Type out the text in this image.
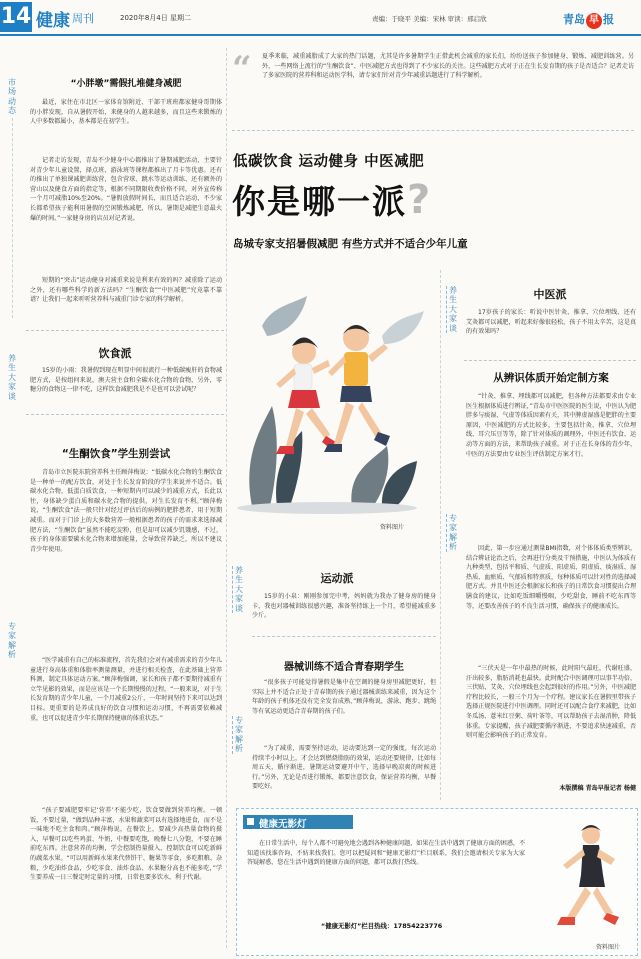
14 健康 周刊	2020年8月4日 星期二	责编：于晓平 美编：宋林 审读：邢启欣	青岛 早 报
市场动态
“小胖墩”需假扎堆健身减肥
最近，家住在市北区一家体育馆附近、干部干班班都家健身哥期体的小胖发现，自从暑假开始，来健身的人越来越多，而且这些来锻炼的人中多数都属小，基本都是在初学生。
记者走访发现，青岛不少健身中心都推出了暑期减肥活动，主要针对青少年儿童设置，择点班、游泳班等课程都推出了月卡等优惠。还有的推出了单独课减肥训练营，包含营球、跳水等运动训练、还有额外的营山以及健食方面的指定等，根据不同期限收费价格不同，对外宣传称一个月可减脂10%至20%。“暑假放假时间长，而且适合运动，不少家长都希望孩子能利用暑假的空闲锻炼减肥，所以，暑期是减肥生意最火爆的时间。”一家健身房的店员对记者说。
短期的“突击”运动健身对减重来说是利来有效的吗？减重除了运动之外，还有哪些科学的新方法吗？“生酮饮食”“中医减肥”究竟靠不靠谱？让我们一起来听听营养科与减重门诊专家的科学解析。
养生大家谈
饮食派
15岁的小雨：我暑假到现在明显中间很流行一种低碳瘦肝的食物减肥方式，是按组何来说，澳夫营主食和全碳水化合物的食物，另外，零糖分的食物这一律不吃，这样饮食减肥我是不是也可以尝试呢？
“生酮饮食”学生别尝试
专家解析
青岛市立医院东院营养科主任顾萍梅说：“低碳水化合物的生酮饮食是一种单一的配方饮食，对处于生长发育阶段的学生来说并不适合。低碳水化合物，低蛋白质饮食，一种短期内可以减少的减重方式，长此以往，身体缺少蛋白质和碳水化合物的提供，对生长发育不利。”顾萍梅说，“生酮饮食”法一般只针对经过评估后的病例的肥胖患者，用于短期减重。而对于门诊上的大多数营养一般根据患者的孩子的需求来选择减肥方法，“生酮饮食”虽然不能吃淀粉，但是却可以减少饥饿感，不过，孩子的身体需要碳水化合物来增加能量，会导致营养缺乏，所以不建议青少年使用。
“医学减重有自己的标准流程，首先我们会对有减重需求的青少年儿童进行身高体重和体脂率测量测量，并进行相关检查，在此基础上营养科测，制定具体运动方案。”顾萍梅强调，家长和孩子都不要期待减重有立竿见影的效果，而是应该是一个长期慢慢的过程，“一般来说，对于生长发育期的青少年儿童，一个月减重2公斤，一年时间坚持下来可以达到目标。更重要的是养成良好的饮食习惯和运动习惯，不再需要依赖减重，也可以促进青少年长期保持健康的体重状态。”
“孩子要减肥要牢记‘营养’不能少吃，饮食要做到营养均衡。一顿饭，不要过量，“做到品种丰富，水果和蔬菜可以有选择地进食，而不是一味地不吃主食和肉。”顾萍梅说，在餐饮上，要减少高热量食物的摄入，早餐可以吃些鸡蛋、牛奶，中餐要吃饱，晚餐七八分饱，不要在睡前吃东西。注意营养的均衡，学会控制热量摄入，控制饮食可以吃新鲜的蔬菜水果。“可以用新鲜水果来代替饼干、糖果等零食，多吃粗粮、杂粮，少吃油炸食品，少吃零食、油炸食品、水果糖分高也不能多吃，”学生要养成一日三餐定时定量的习惯，日常也要多饮水，利于代谢。
“ 夏季来临，减重减脂成了大家的热门话题，尤其是许多暑期学生正借此机会减重的家长们，纷纷送孩子参加健身、锻炼、减肥训练营。另外，一些网络上流行的“生酮饮食”、中医减肥方式也得到了不少家长的关注。这些减肥方式对于正在生长发育期的孩子是否适合？记者走访了多家医院的营养科和运动医学科，请专家们针对青少年减重话题进行了科学解析。
低碳饮食 运动健身 中医减肥
你是哪一派?
岛城专家支招暑假减肥 有些方式并不适合少年儿童
资料图片
养生大家谈
运动派
15岁的小泉：刚刚参加完中考，妈妈就为我办了健身房的健身卡，我也对器械训练很感兴趣，准备坚持练上一个月，希望能减重多少斤。
专家解析
器械训练不适合青春期学生
“很多孩子可能觉得暑假是集中在空调的健身房里减肥更好，但实际上并不适合正处于青春期的孩子通过器械训练来减重，因为这个年龄的孩子机体还没有完全发育成熟，”顾萍梅说，游泳、跑步、跳绳等有氧运动更适合青春期的孩子们。
“为了减重，需要坚持运动，运动要达到一定的强度，每次运动持续半小时以上，才会达到燃烧脂肪的效果，运动还要规律，比如每周五天，循序渐进，暑期运动要避开中午，选择早晚凉爽的时候进行。”另外，无论是否进行锻炼，都要注意饮食，保证营养均衡，早餐要吃好。
养生大家谈
中医派
17岁孩子的家长：听说中医针灸、推拿、穴位埋线、还有艾灸都可以减肥，听起来好像很轻松，孩子不用太辛苦，这是真的有效果吗？
从辨识体质开始定制方案
专家解析
“针灸、推拿、埋线都可以减肥，但各种方法都要求由专业医生根据体质进行辨证，”青岛市中医医院的医生说，中医认为肥胖多与痰湿、气虚等体质因素有关，其中脾虚湿盛是肥胖的主要原因，中医减肥的方式比较多，主要包括针灸、推拿、穴位埋线、耳穴压豆等等，除了针对体质的调理外，中医还有饮食、运动等方面的方法，来帮助孩子减重。对于正在长身体的青少年，中医的方法要由专业医生评估制定方案才行。
因此，第一步应通过测量BMI指数，对个体体质类型辨识，结合辨证论治之后，会再进行分类及干预措施，中医认为体质有九种类型，包括平和质、气虚质、阳虚质、阴虚质、痰湿质、湿热质、血瘀质、气郁质和特禀质，每种体质可以针对性的选择减肥方式。并且中医还会根据家长和孩子的日常饮食习惯提出合理膳食的建议，比如吃饭细嚼慢咽，少吃甜食，睡前不吃东西等等，还要改善孩子的不良生活习惯，确保孩子的健康成长。
“三伏天是一年中最热的时候，此时阳气最旺，代谢旺盛，汗出较多，脂肪消耗也最快。此时配合中医调理可以事半功倍，三伏贴、艾灸、穴位埋线也会起到很好的作用。”另外，中医减肥疗程比较长，一般三个月为一个疗程。建议家长在暑假里带孩子选择正规医院进行中医调理。同时还可以配合食疗来减肥，比如冬瓜汤、薏米红豆粥、荷叶茶等，可以帮助孩子去湿消肿，降低体重。专家提醒，孩子减肥要循序渐进，不要追求快速减重，否则可能会影响孩子的正常发育。
本版撰稿 青岛早报记者 杨健
健康无影灯
在日常生活中，每个人都不可避免地会遇到各种健康问题，如果在生活中遇到了健康方面的困惑，不知道该找谁咨询，不妨来找我们。您可以把疑问和“健康无影灯”栏目联系，我们会邀请相关专家为大家答疑解惑，您在生活中遇到的健康方面的问题，都可以拨打热线。
“健康无影灯”栏目热线：17854223776
资料图片
